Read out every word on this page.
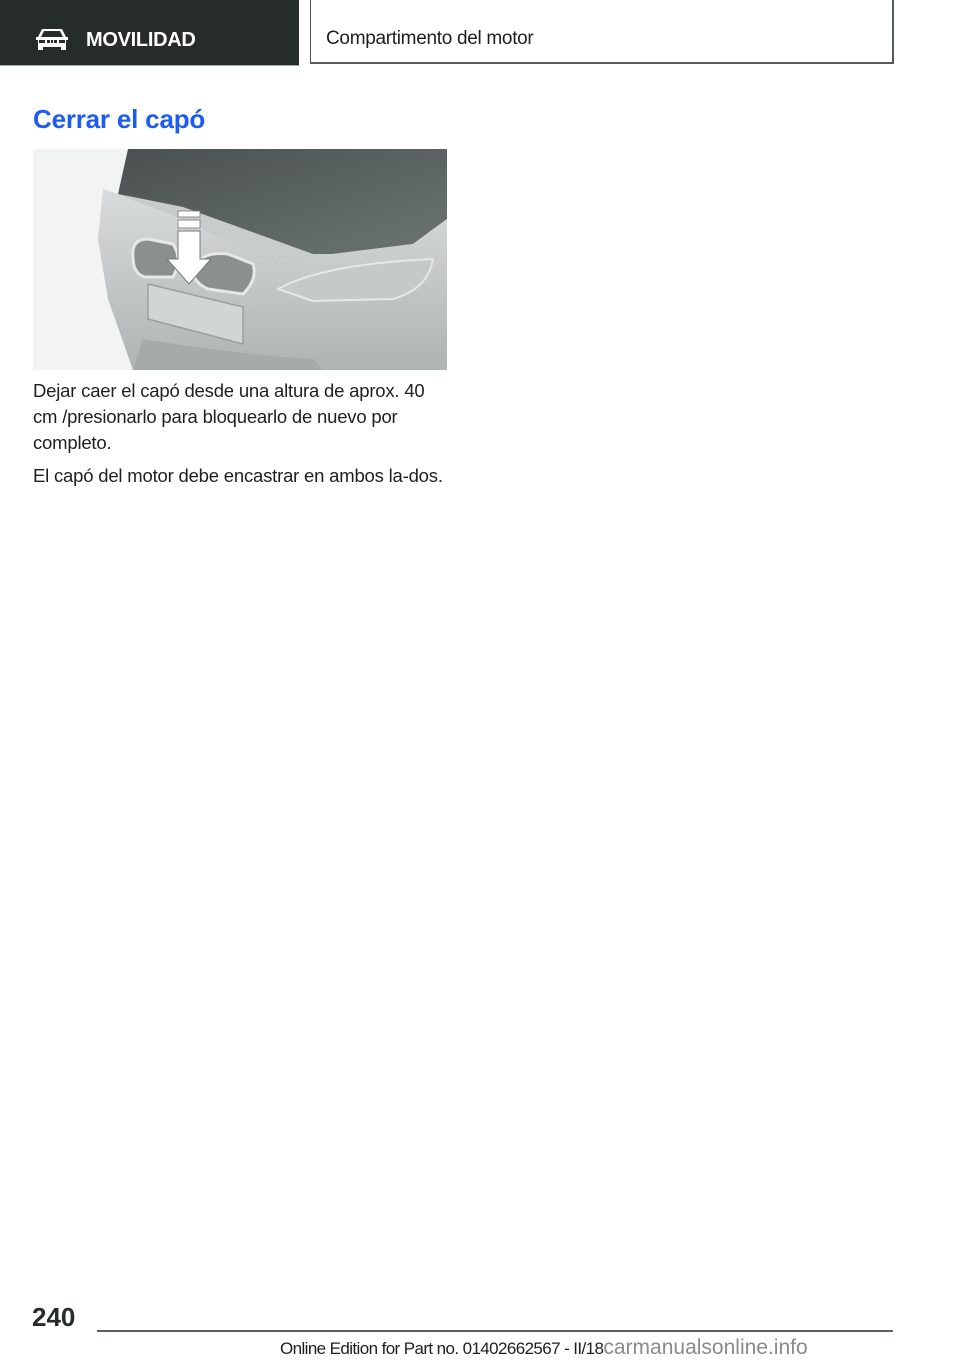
MOVILIDAD	Compartimento del motor
Cerrar el capó

Dejar caer el capó desde una altura de aprox. 40 cm /presionarlo para bloquearlo de nuevo por completo.

El capó del motor debe encastrar en ambos la-dos.

240
Online Edition for Part no. 01402662567 - II/18carmanualsonline.info
